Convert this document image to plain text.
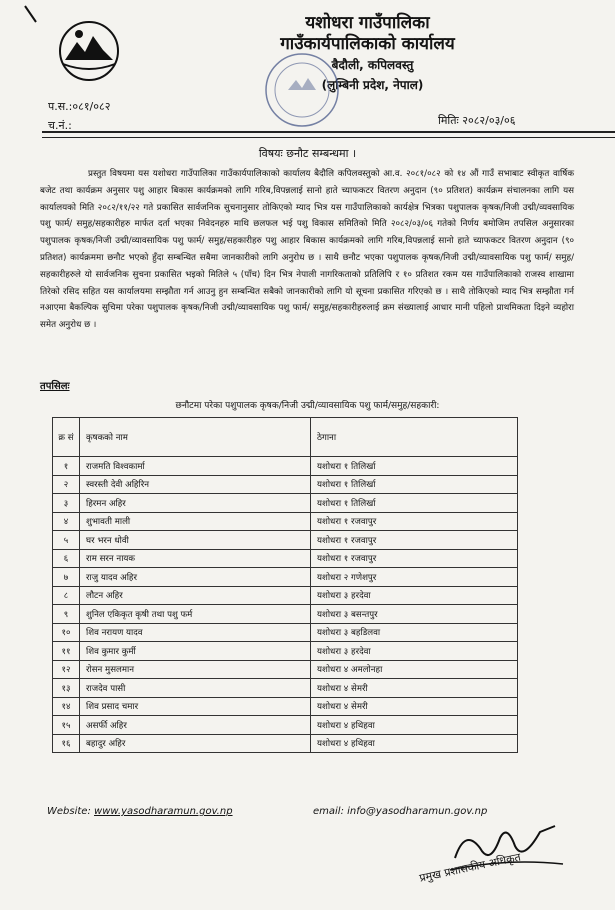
यशोधरा गाउँपालिका
गाउँकार्यपालिकाको कार्यालय
बैदौली, कपिलवस्तु
(लुम्बिनी प्रदेश, नेपाल)
प.स.:०८१/०८२
च.नं.:	मितिः २०८२/०३/०६
विषयः छनौट सम्बन्धमा ।

प्रस्तुत विषयमा यस यशोधरा गाउँपालिका गाउँकार्यपालिकाको कार्यालय बैदौलि कपिलवस्तुको आ.व. २०८१/०८२ को १४ औं गाउँ सभाबाट स्वीकृत वार्षिक बजेट तथा कार्यक्रम अनुसार पशु आहार बिकास कार्यक्रमको लागि गरिब,विपन्नलाई सानो हाते च्याफकटर वितरण अनुदान (९० प्रतिशत) कार्यक्रम संचालनका लागि यस कार्यालयको मिति २०८२/११/२२ गते प्रकासित सार्वजनिक सुचनानुसार तोकिएको म्याद भित्र यस गाउँपालिकाको कार्यक्षेत्र भित्रका पशुपालक कृषक/निजी उद्मी/व्यवसायिक पशु फार्म/ समुह/सहकारीहरु मार्फत दर्ता भएका निवेदनहरु माथि छलफल भई पशु विकास समितिको मिति २०८२/०३/०६ गतेको निर्णय बमोजिम तपसिल अनुसारका पशुपालक कृषक/निजी उद्मी/व्यावसायिक पशु फार्म/ समुह/सहकारीहरु पशु आहार बिकास कार्यक्रमको लागि गरिब,विपन्नलाई सानो हाते च्याफकटर वितरण अनुदान (९० प्रतिशत) कार्यक्रममा छनौट भएको हुँदा सम्बन्धित सबैमा जानकारीको लागि अनुरोध छ । साथै छनौट भएका पशुपालक कृषक/निजी उद्मी/व्यावसायिक पशु फार्म/ समुह/सहकारीहरुले यो सार्वजनिक सुचना प्रकासित भइको मितिले ५ (पाँच) दिन भित्र नेपाली नागरिकताको प्रतिलिपि र १० प्रतिशत रकम यस गाउँपालिकाको राजस्व शाखामा तिरेको रसिद सहित यस कार्यालयमा सम्झौता गर्न आउनु हुन सम्बन्धित सबैको जानकारीको लागि यो सूचना प्रकासित गरिएको छ । साथै तोकिएको म्याद भित्र सम्झौता गर्न नआएमा बैकल्पिक सुचिमा परेका पशुपालक कृषक/निजी उद्मी/व्यावसायिक पशु फार्म/ समुह/सहकारीहरुलाई क्रम संख्यालाई आधार मानी पहिलो प्राथमिकता दिइने व्यहोरा समेत अनुरोध छ ।

तपसिलः
छनौटमा परेका पशुपालक कृषक/निजी उद्मी/व्यावसायिक पशु फार्म/समुह/सहकारी:
क्र सं	कृषकको नाम	ठेगाना
१	राजमति विश्वकार्मा	यशोधरा १ तिलिर्खा
२	स्वरस्ती देवी अहिरिन	यशोधरा १ तिलिर्खा
३	हिरमन अहिर	यशोधरा १ तिलिर्खा
४	शुभावती माली	यशोधरा १ रजवापुर
५	घर भरन धोवी	यशोधरा १ रजवापुर
६	राम सरन नायक	यशोधरा १ रजवापुर
७	राजु यादव अहिर	यशोधरा २ गणेशपुर
८	लौटन अहिर	यशोधरा ३ हरदेवा
९	शुनिल एकिकृत कृषी तथा पशु फर्म	यशोधरा ३ बसन्तपुर
१०	शिव नरायण यादव	यशोधरा ३ बहडिलवा
११	शिव कुमार कुर्मी	यशोधरा ३ हरदेवा
१२	रोसन मुसलमान	यशोधरा ४ अमलोनहा
१३	राजदेव पासी	यशोधरा ४ सेमरी
१४	शिव प्रसाद चमार	यशोधरा ४ सेमरी
१५	असर्फी अहिर	यशोधरा ४ हथिहवा
१६	बहादुर अहिर	यशोधरा ४ हथिहवा
Website: www.yasodharamun.gov.np	email: info@yasodharamun.gov.np
प्रमुख प्रशासकीय अधिकृत
